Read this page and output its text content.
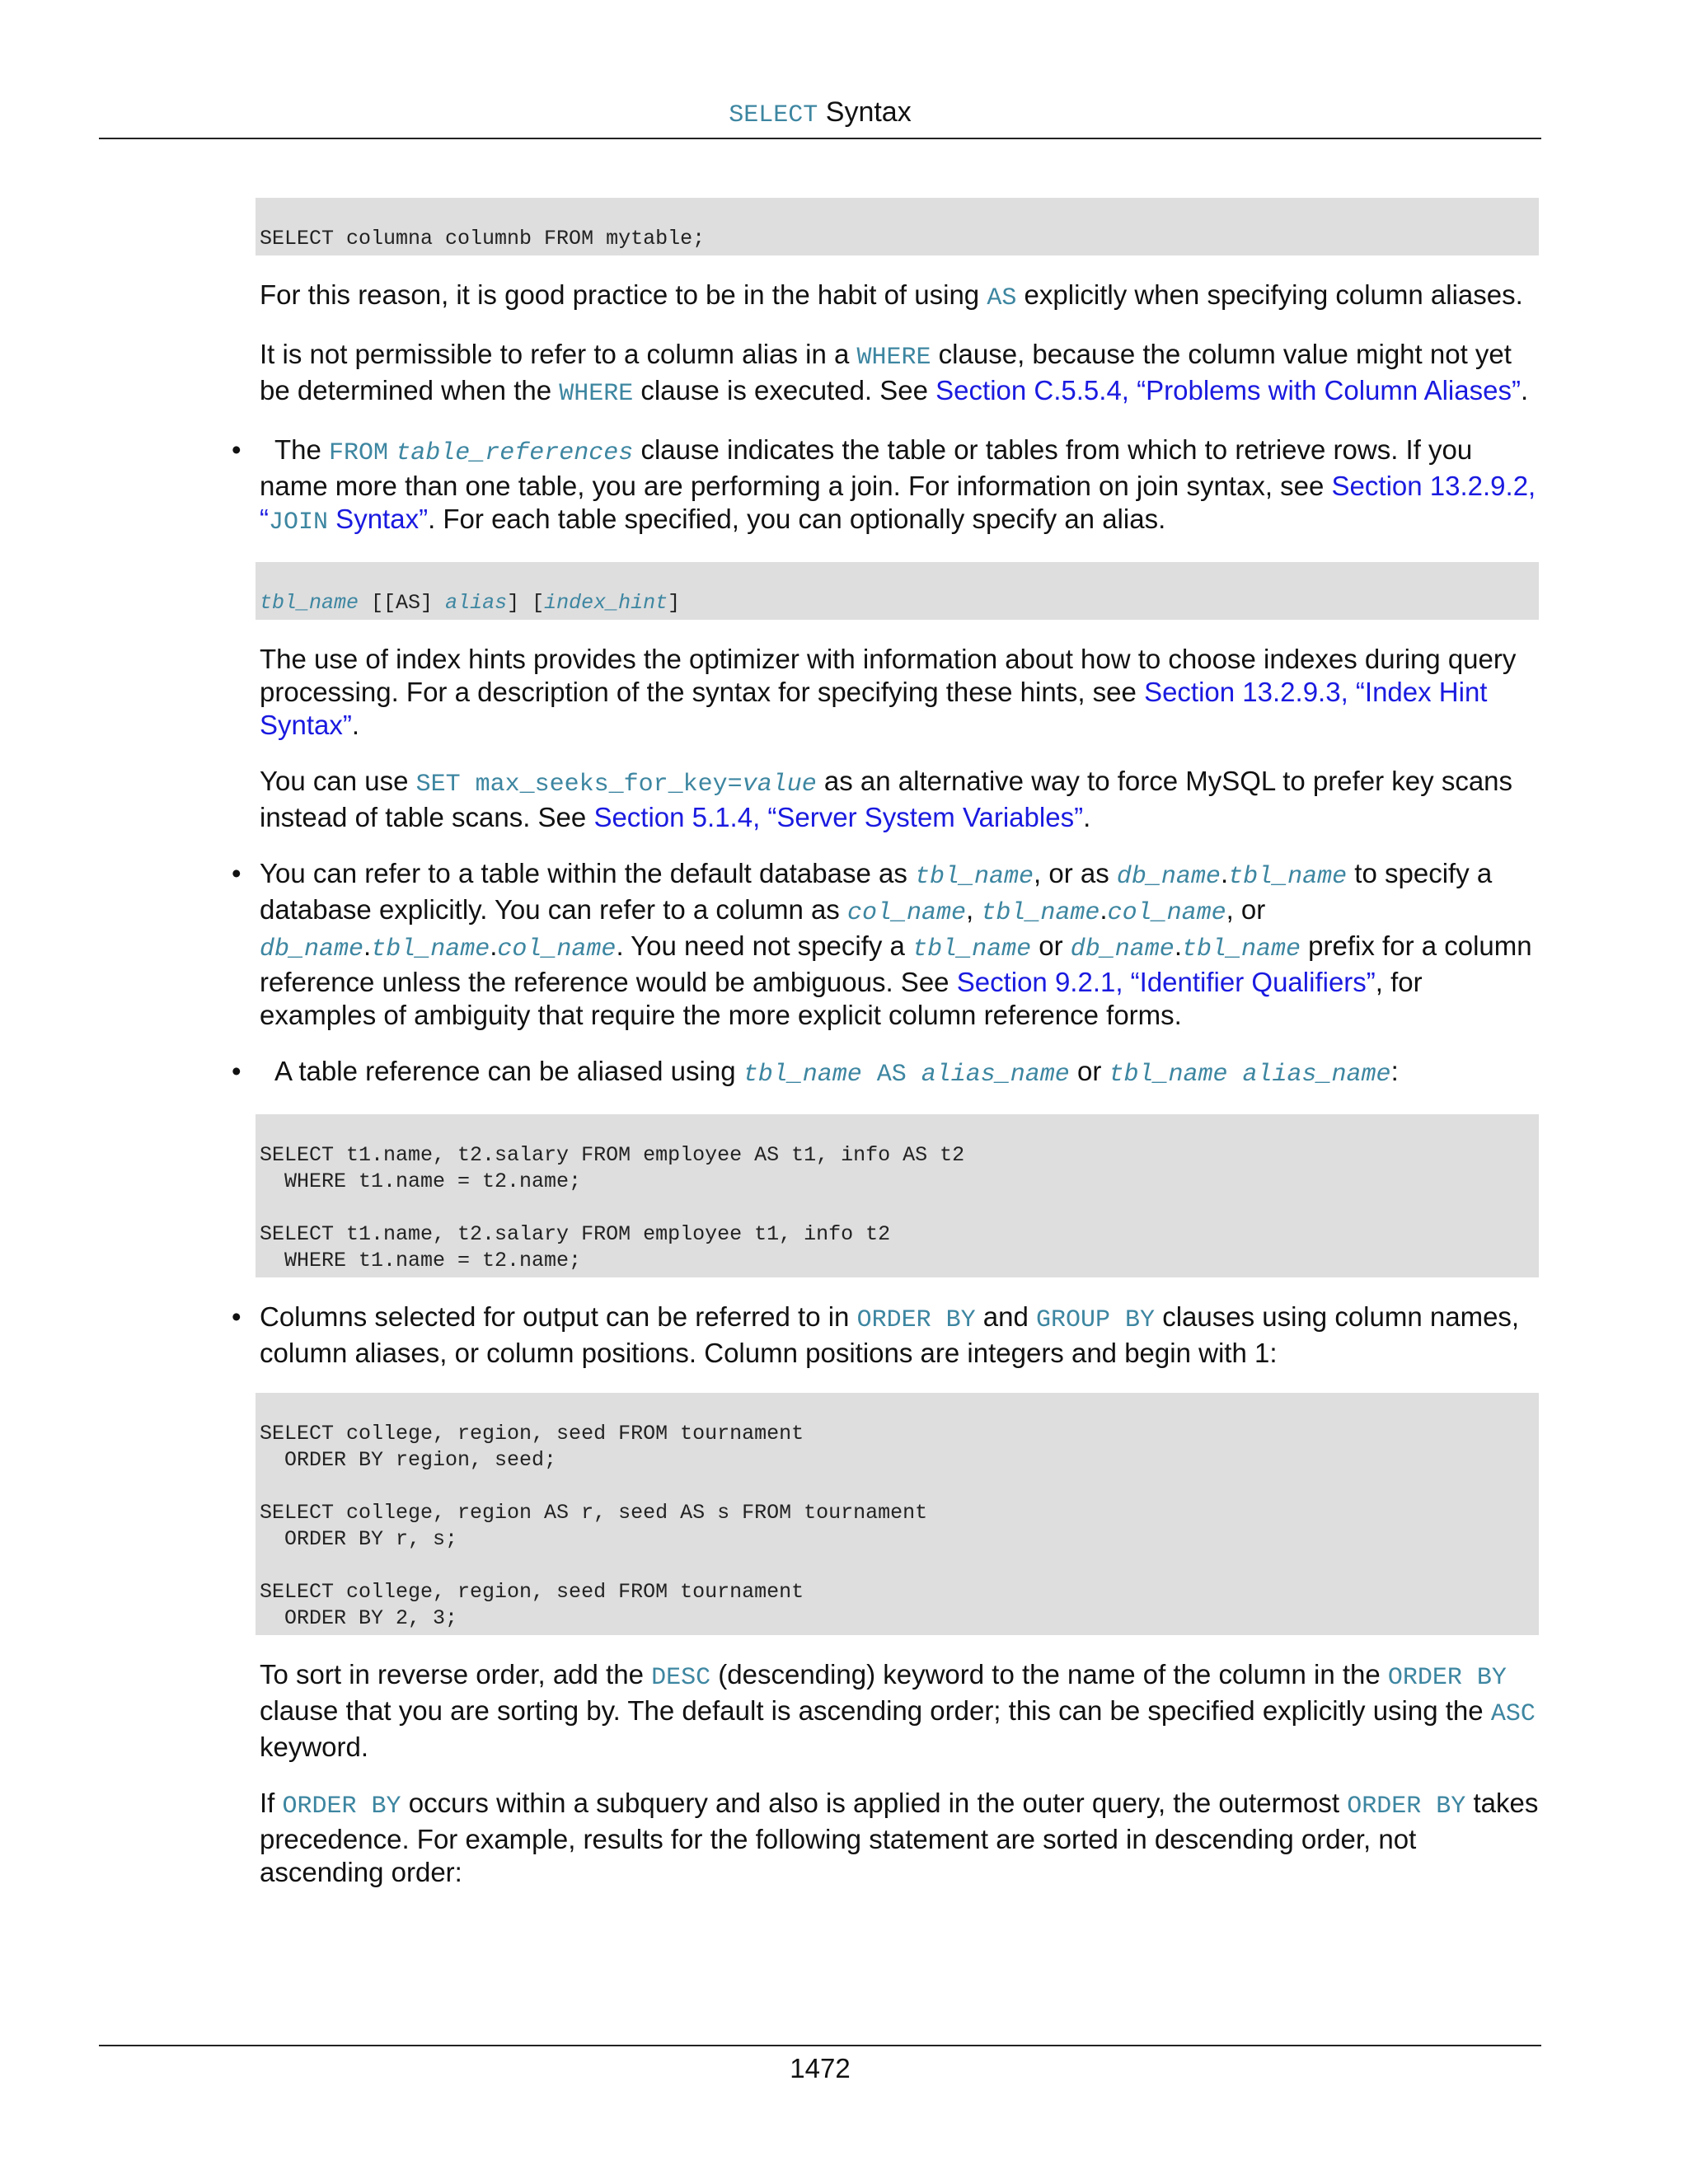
SELECT Syntax
SELECT columna columnb FROM mytable;

For this reason, it is good practice to be in the habit of using AS explicitly when specifying column aliases.

It is not permissible to refer to a column alias in a WHERE clause, because the column value might not yet be determined when the WHERE clause is executed. See Section C.5.5.4, “Problems with Column Aliases”.

• The FROM table_references clause indicates the table or tables from which to retrieve rows. If you name more than one table, you are performing a join. For information on join syntax, see Section 13.2.9.2, “JOIN Syntax”. For each table specified, you can optionally specify an alias.
tbl_name [[AS] alias] [index_hint]

The use of index hints provides the optimizer with information about how to choose indexes during query processing. For a description of the syntax for specifying these hints, see Section 13.2.9.3, “Index Hint Syntax”.

You can use SET max_seeks_for_key=value as an alternative way to force MySQL to prefer key scans instead of table scans. See Section 5.1.4, “Server System Variables”.

• You can refer to a table within the default database as tbl_name, or as db_name.tbl_name to specify a database explicitly. You can refer to a column as col_name, tbl_name.col_name, or db_name.tbl_name.col_name. You need not specify a tbl_name or db_name.tbl_name prefix for a column reference unless the reference would be ambiguous. See Section 9.2.1, “Identifier Qualifiers”, for examples of ambiguity that require the more explicit column reference forms.
• A table reference can be aliased using tbl_name AS alias_name or tbl_name alias_name:
SELECT t1.name, t2.salary FROM employee AS t1, info AS t2
WHERE t1.name = t2.name;

SELECT t1.name, t2.salary FROM employee t1, info t2
WHERE t1.name = t2.name;
• Columns selected for output can be referred to in ORDER BY and GROUP BY clauses using column names, column aliases, or column positions. Column positions are integers and begin with 1:
SELECT college, region, seed FROM tournament
ORDER BY region, seed;

SELECT college, region AS r, seed AS s FROM tournament
ORDER BY r, s;

SELECT college, region, seed FROM tournament
ORDER BY 2, 3;

To sort in reverse order, add the DESC (descending) keyword to the name of the column in the ORDER BY clause that you are sorting by. The default is ascending order; this can be specified explicitly using the ASC keyword.

If ORDER BY occurs within a subquery and also is applied in the outer query, the outermost ORDER BY takes precedence. For example, results for the following statement are sorted in descending order, not ascending order:

1472
